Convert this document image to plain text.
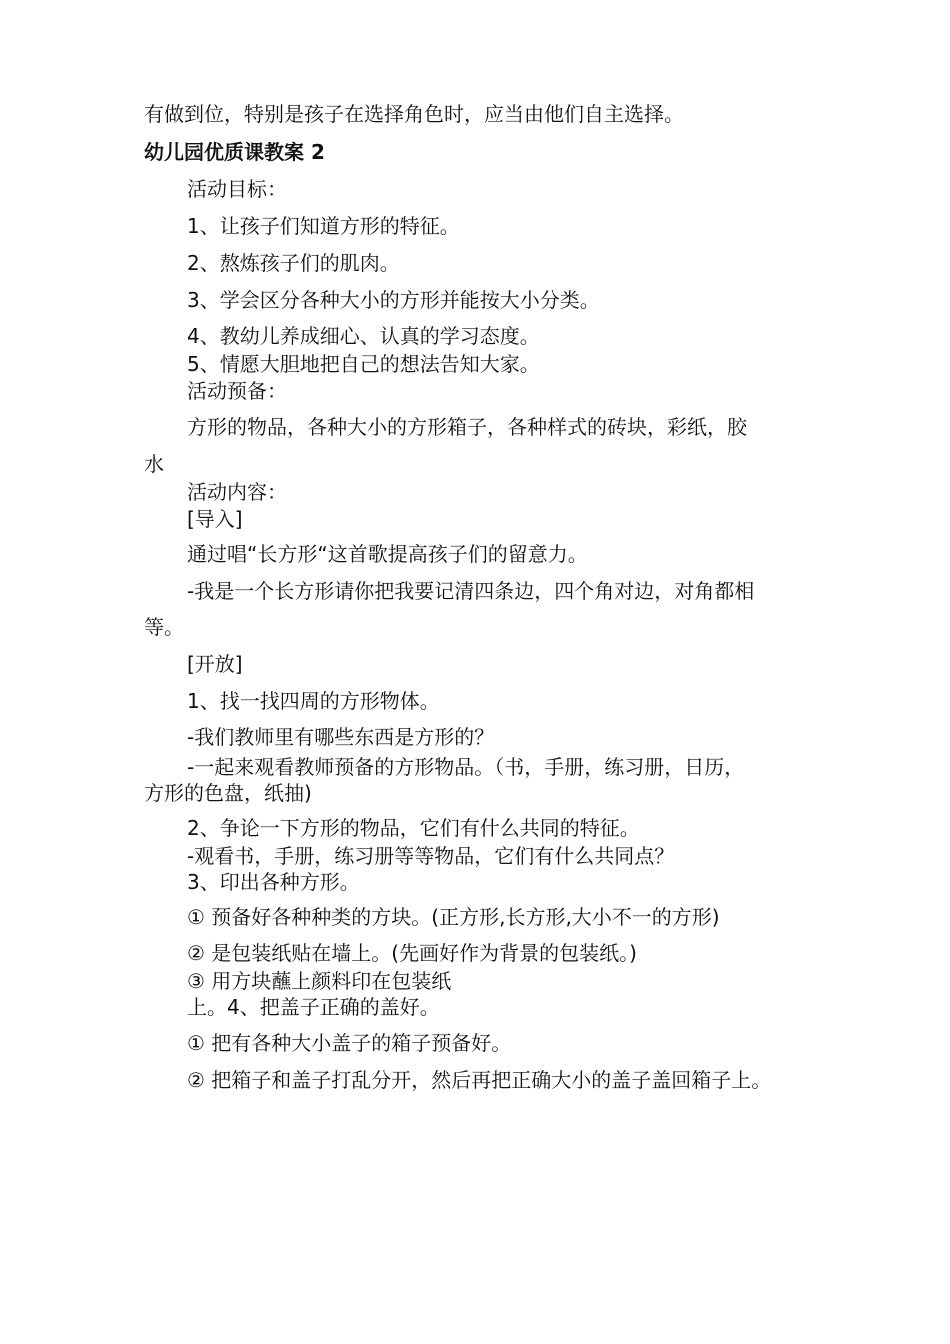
有做到位，特别是孩子在选择角色时，应当由他们自主选择。
幼儿园优质课教案 2
活动目标：
1、让孩子们知道方形的特征。
2、熬炼孩子们的肌肉。
3、学会区分各种大小的方形并能按大小分类。
4、教幼儿养成细心、认真的学习态度。
5、情愿大胆地把自己的想法告知大家。
活动预备：
方形的物品，各种大小的方形箱子，各种样式的砖块，彩纸，胶
水
活动内容：
[导入]
通过唱“长方形“这首歌提高孩子们的留意力。
-我是一个长方形请你把我要记清四条边，四个角对边，对角都相
等。
[开放]
1、找一找四周的方形物体。
-我们教师里有哪些东西是方形的？
-一起来观看教师预备的方形物品。（书，手册，练习册，日历，
方形的色盘，纸抽)
2、争论一下方形的物品，它们有什么共同的特征。
-观看书，手册，练习册等等物品，它们有什么共同点？
3、印出各种方形。
① 预备好各种种类的方块。(正方形,长方形,大小不一的方形)
② 是包装纸贴在墙上。(先画好作为背景的包装纸。)
③ 用方块蘸上颜料印在包装纸
上。4、把盖子正确的盖好。
① 把有各种大小盖子的箱子预备好。
② 把箱子和盖子打乱分开，然后再把正确大小的盖子盖回箱子上。
